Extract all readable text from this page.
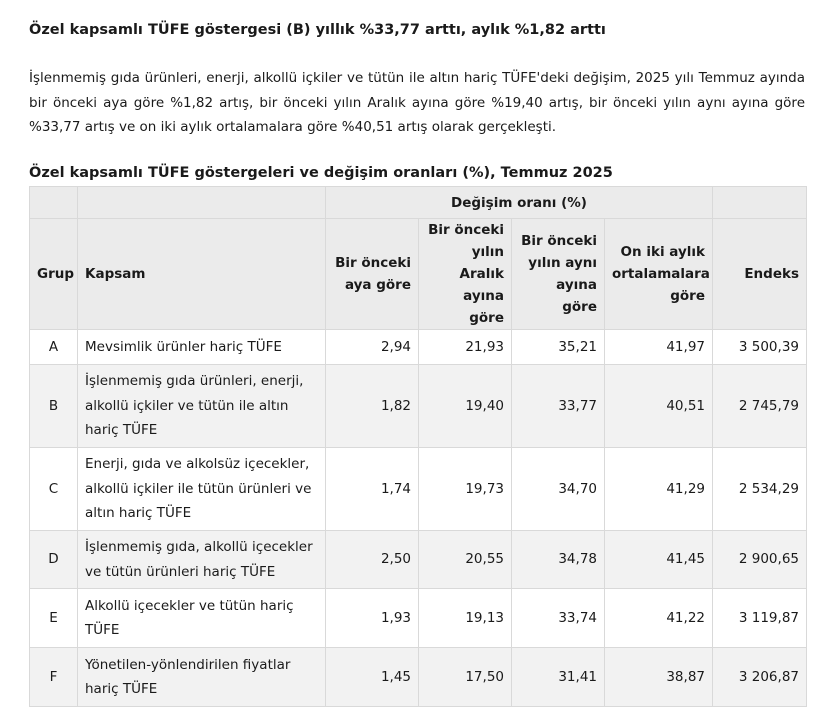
Özel kapsamlı TÜFE göstergesi (B) yıllık %33,77 arttı, aylık %1,82 arttı

İşlenmemiş gıda ürünleri, enerji, alkollü içkiler ve tütün ile altın hariç TÜFE'deki değişim, 2025 yılı Temmuz ayında bir önceki aya göre %1,82 artış, bir önceki yılın Aralık ayına göre %19,40 artış, bir önceki yılın aynı ayına göre %33,77 artış ve on iki aylık ortalamalara göre %40,51 artış olarak gerçekleşti.

Özel kapsamlı TÜFE göstergeleri ve değişim oranları (%), Temmuz 2025

		Değişim oranı (%)				
Grup	Kapsam	Bir önceki aya göre	Bir önceki yılın Aralık ayına göre	Bir önceki yılın aynı ayına göre	On iki aylık ortalamalara göre	Endeks
A	Mevsimlik ürünler hariç TÜFE	2,94	21,93	35,21	41,97	3 500,39
B	İşlenmemiş gıda ürünleri, enerji, alkollü içkiler ve tütün ile altın hariç TÜFE	1,82	19,40	33,77	40,51	2 745,79
C	Enerji, gıda ve alkolsüz içecekler, alkollü içkiler ile tütün ürünleri ve altın hariç TÜFE	1,74	19,73	34,70	41,29	2 534,29
D	İşlenmemiş gıda, alkollü içecekler ve tütün ürünleri hariç TÜFE	2,50	20,55	34,78	41,45	2 900,65
E	Alkollü içecekler ve tütün hariç TÜFE	1,93	19,13	33,74	41,22	3 119,87
F	Yönetilen-yönlendirilen fiyatlar hariç TÜFE	1,45	17,50	31,41	38,87	3 206,87
